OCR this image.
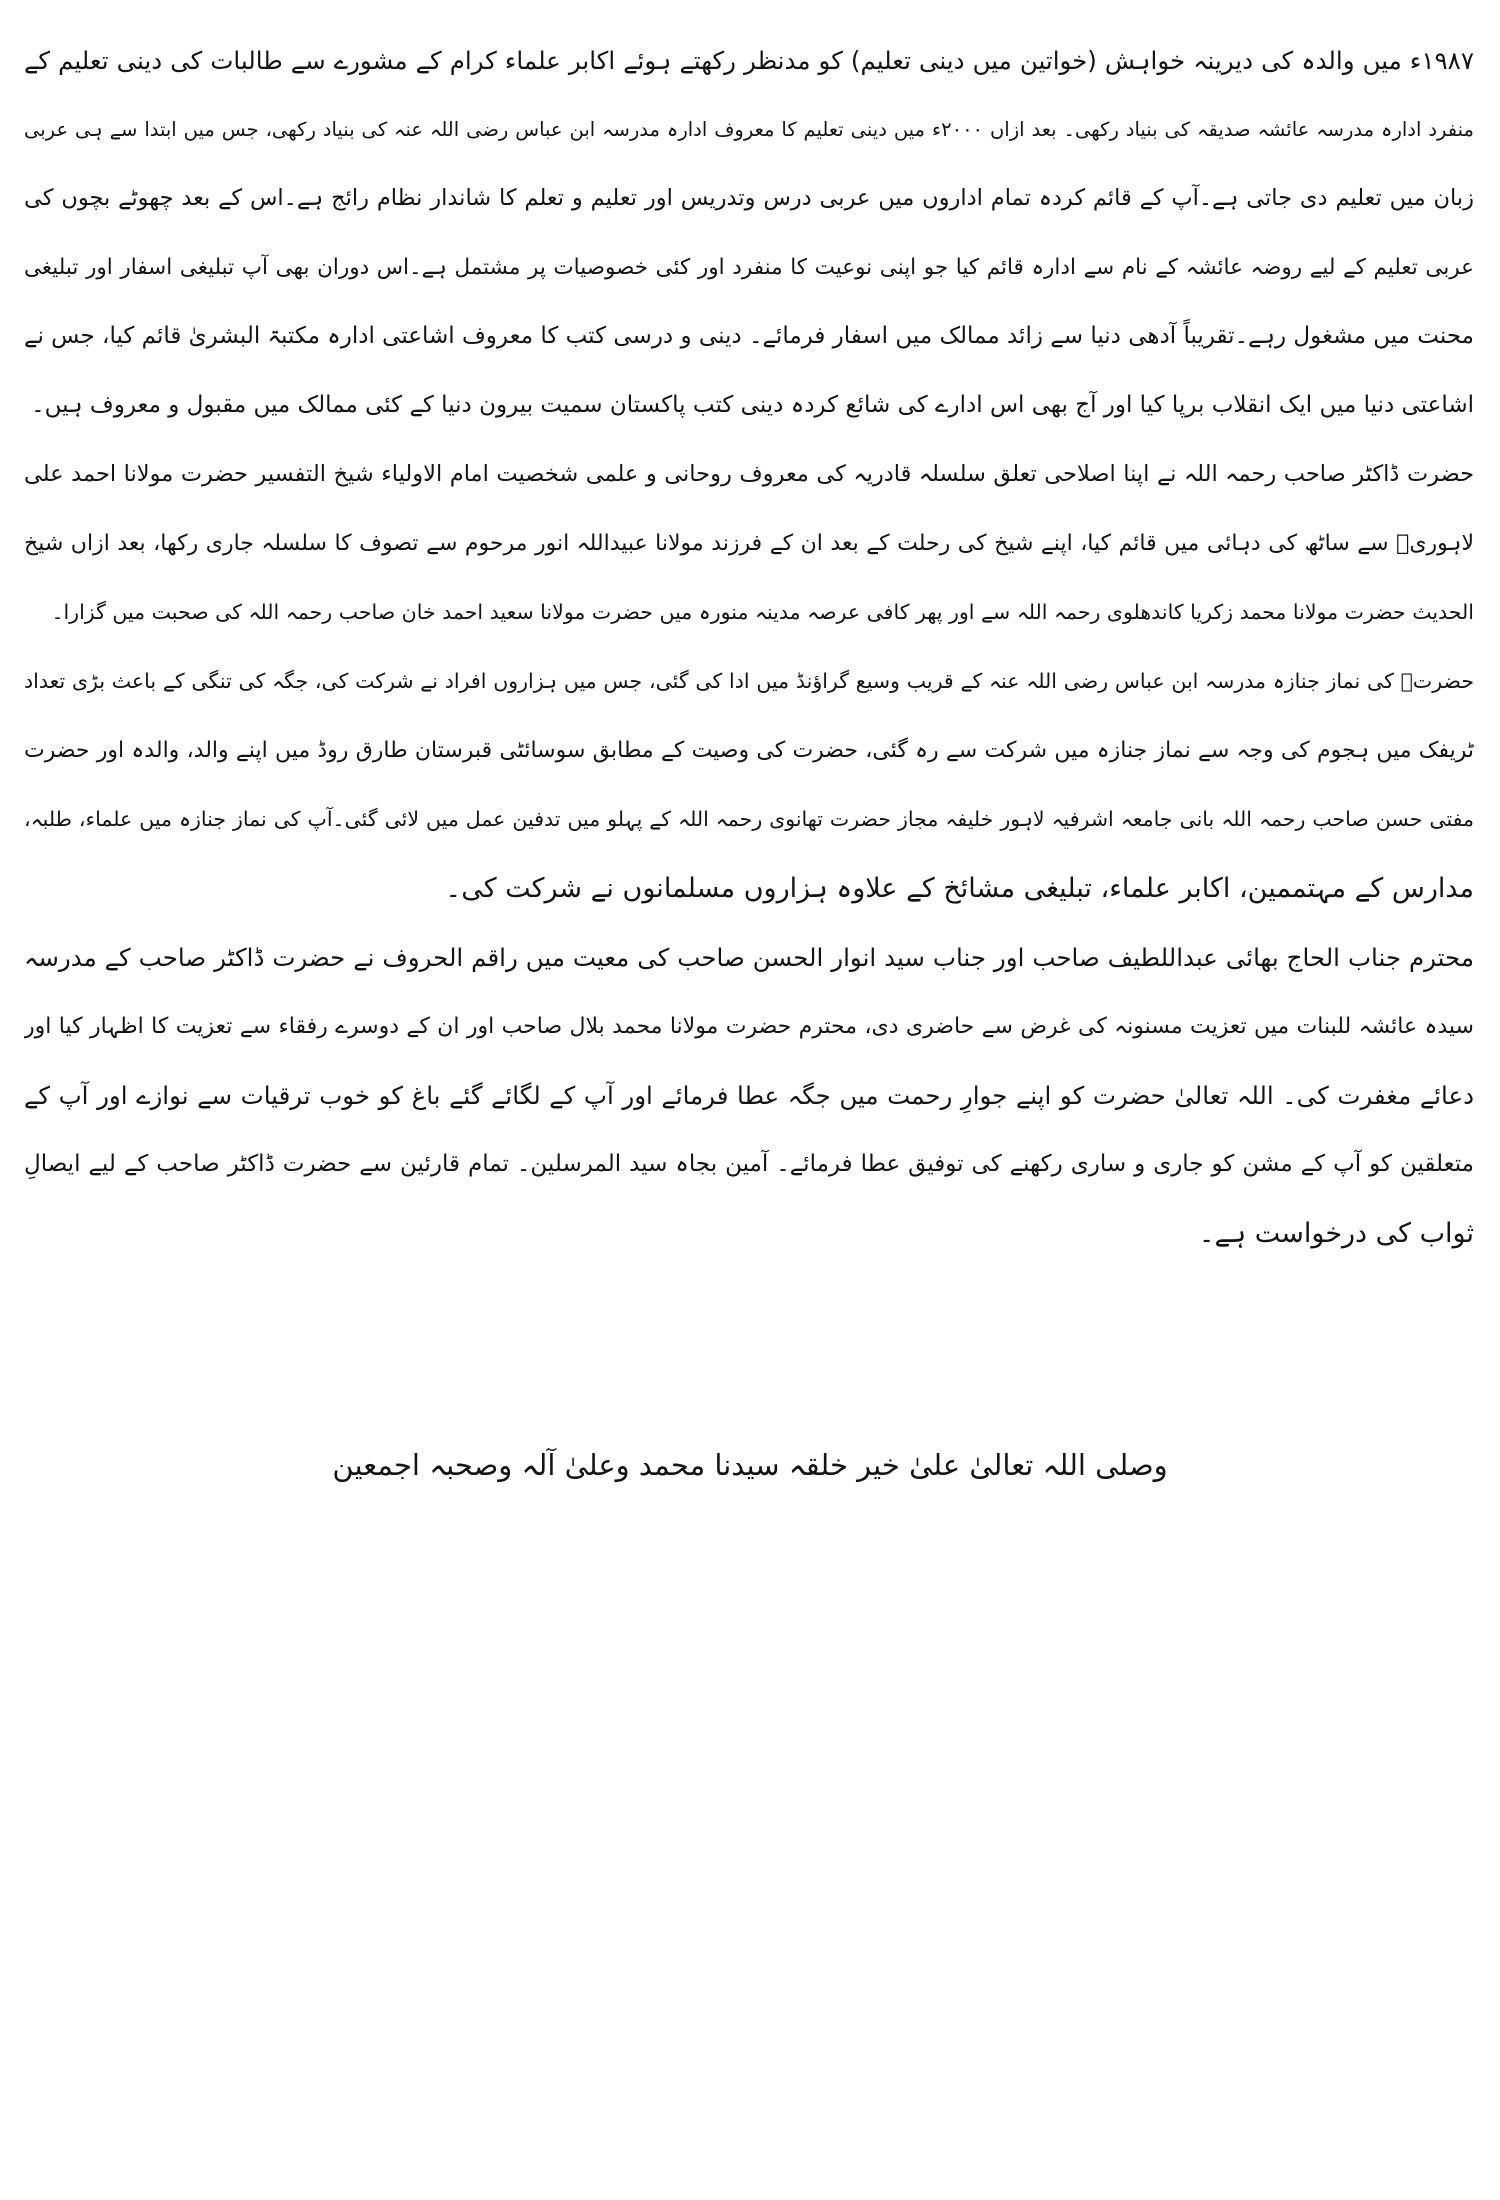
۱۹۸۷ء میں والدہ کی دیرینہ خواہش (خواتین میں دینی تعلیم) کو مدنظر رکھتے ہوئے اکابر علماء کرام کے مشورے سے طالبات کی دینی تعلیم کے
منفرد ادارہ مدرسہ عائشہ صدیقہ کی بنیاد رکھی۔ بعد ازاں ۲۰۰۰ء میں دینی تعلیم کا معروف ادارہ مدرسہ ابن عباس رضی اللہ عنہ کی بنیاد رکھی، جس میں ابتدا سے ہی عربی
زبان میں تعلیم دی جاتی ہے۔آپ کے قائم کردہ تمام اداروں میں عربی درس وتدریس اور تعلیم و تعلم کا شاندار نظام رائج ہے۔اس کے بعد چھوٹے بچوں کی
عربی تعلیم کے لیے روضہ عائشہ کے نام سے ادارہ قائم کیا جو اپنی نوعیت کا منفرد اور کئی خصوصیات پر مشتمل ہے۔اس دوران بھی آپ تبلیغی اسفار اور تبلیغی
محنت میں مشغول رہے۔تقریباً آدھی دنیا سے زائد ممالک میں اسفار فرمائے۔ دینی و درسی کتب کا معروف اشاعتی ادارہ مکتبۃ البشریٰ قائم کیا، جس نے
اشاعتی دنیا میں ایک انقلاب برپا کیا اور آج بھی اس ادارے کی شائع کردہ دینی کتب پاکستان سمیت بیرون دنیا کے کئی ممالک میں مقبول و معروف ہیں۔
حضرت ڈاکٹر صاحب رحمہ اللہ نے اپنا اصلاحی تعلق سلسلہ قادریہ کی معروف روحانی و علمی شخصیت امام الاولیاء شیخ التفسیر حضرت مولانا احمد علی
لاہوریؒ سے ساٹھ کی دہائی میں قائم کیا، اپنے شیخ کی رحلت کے بعد ان کے فرزند مولانا عبیداللہ انور مرحوم سے تصوف کا سلسلہ جاری رکھا، بعد ازاں شیخ
الحدیث حضرت مولانا محمد زکریا کاندھلوی رحمہ اللہ سے اور پھر کافی عرصہ مدینہ منورہ میں حضرت مولانا سعید احمد خان صاحب رحمہ اللہ کی صحبت میں گزارا۔
حضرتؒ کی نماز جنازہ مدرسہ ابن عباس رضی اللہ عنہ کے قریب وسیع گراؤنڈ میں ادا کی گئی، جس میں ہزاروں افراد نے شرکت کی، جگہ کی تنگی کے باعث بڑی تعداد
ٹریفک میں ہجوم کی وجہ سے نماز جنازہ میں شرکت سے رہ گئی، حضرت کی وصیت کے مطابق سوسائٹی قبرستان طارق روڈ میں اپنے والد، والدہ اور حضرت
مفتی حسن صاحب رحمہ اللہ بانی جامعہ اشرفیہ لاہور خلیفہ مجاز حضرت تھانوی رحمہ اللہ کے پہلو میں تدفین عمل میں لائی گئی۔آپ کی نماز جنازہ میں علماء، طلبہ،
مدارس کے مہتممین، اکابر علماء، تبلیغی مشائخ کے علاوہ ہزاروں مسلمانوں نے شرکت کی۔
محترم جناب الحاج بھائی عبداللطیف صاحب اور جناب سید انوار الحسن صاحب کی معیت میں راقم الحروف نے حضرت ڈاکٹر صاحب کے مدرسہ
سیدہ عائشہ للبنات میں تعزیت مسنونہ کی غرض سے حاضری دی، محترم حضرت مولانا محمد بلال صاحب اور ان کے دوسرے رفقاء سے تعزیت کا اظہار کیا اور
دعائے مغفرت کی۔ اللہ تعالیٰ حضرت کو اپنے جوارِ رحمت میں جگہ عطا فرمائے اور آپ کے لگائے گئے باغ کو خوب ترقیات سے نوازے اور آپ کے
متعلقین کو آپ کے مشن کو جاری و ساری رکھنے کی توفیق عطا فرمائے۔ آمین بجاہ سید المرسلین۔ تمام قارئین سے حضرت ڈاکٹر صاحب کے لیے ایصالِ
ثواب کی درخواست ہے۔
وصلی اللہ تعالیٰ علیٰ خیر خلقہ سیدنا محمد وعلیٰ آلہ وصحبہ اجمعین
